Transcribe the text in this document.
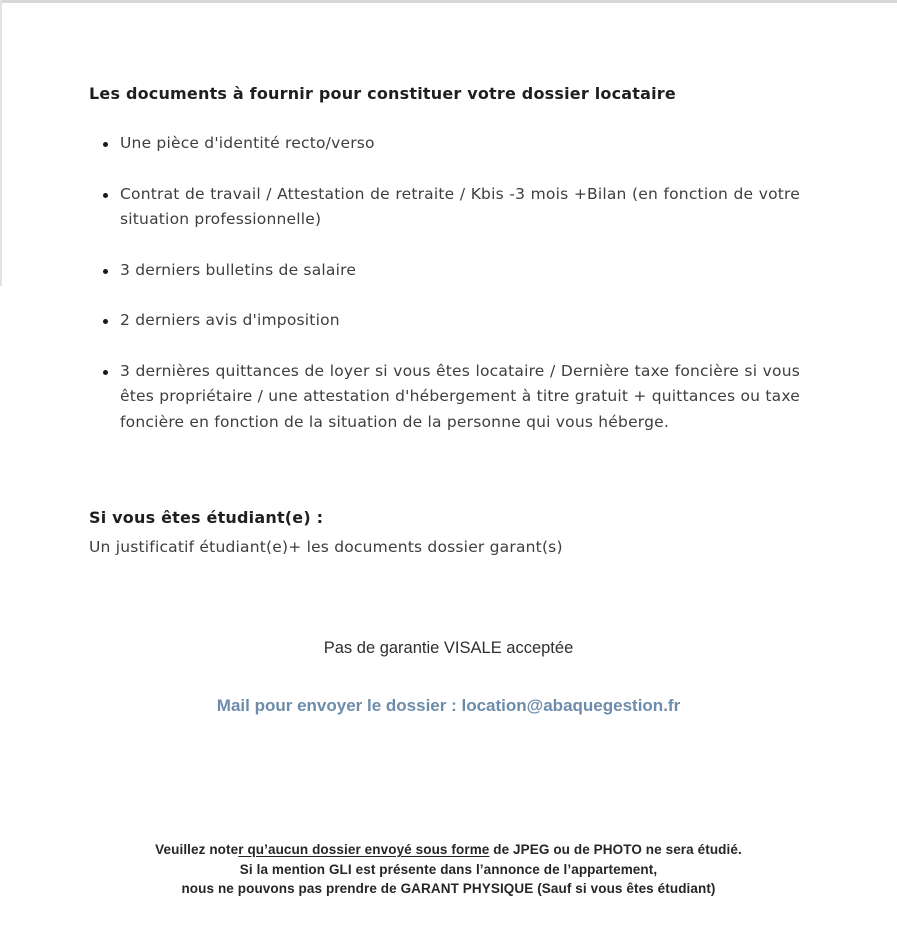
Les documents à fournir pour constituer votre dossier locataire
Une pièce d'identité recto/verso
Contrat de travail / Attestation de retraite / Kbis -3 mois +Bilan (en fonction de votre situation professionnelle)
3 derniers bulletins de salaire
2 derniers avis d'imposition
3 dernières quittances de loyer si vous êtes locataire / Dernière taxe foncière si vous êtes propriétaire / une attestation d'hébergement à titre gratuit + quittances ou taxe foncière en fonction de la situation de la personne qui vous héberge.
Si vous êtes étudiant(e) :
Un justificatif étudiant(e)+ les documents dossier garant(s)
Pas de garantie VISALE acceptée
Mail pour envoyer le dossier : location@abaquegestion.fr
Veuillez noter qu’aucun dossier envoyé sous forme de JPEG ou de PHOTO ne sera étudié.
Si la mention GLI est présente dans l’annonce de l’appartement,
nous ne pouvons pas prendre de GARANT PHYSIQUE (Sauf si vous êtes étudiant)
